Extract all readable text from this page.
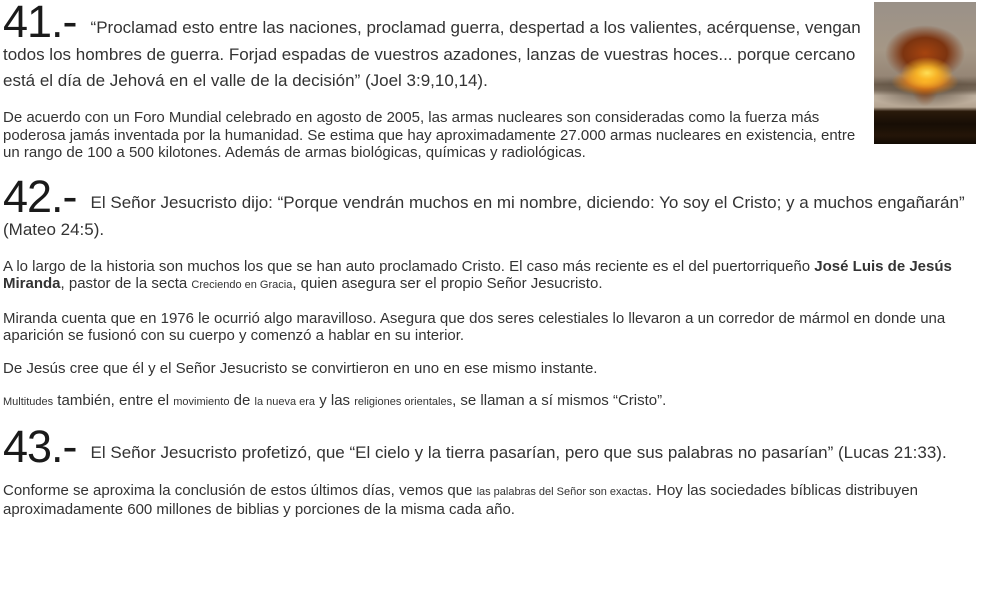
41.- “Proclamad esto entre las naciones, proclamad guerra, despertad a los valientes, acérquense, vengan todos los hombres de guerra. Forjad espadas de vuestros azadones, lanzas de vuestras hoces... porque cercano está el día de Jehová en el valle de la decisión” (Joel 3:9,10,14).

De acuerdo con un Foro Mundial celebrado en agosto de 2005, las armas nucleares son consideradas como la fuerza más poderosa jamás inventada por la humanidad. Se estima que hay aproximadamente 27.000 armas nucleares en existencia, entre un rango de 100 a 500 kilotones. Además de armas biológicas, químicas y radiológicas.

42.- El Señor Jesucristo dijo: “Porque vendrán muchos en mi nombre, diciendo: Yo soy el Cristo; y a muchos engañarán” (Mateo 24:5).

A lo largo de la historia son muchos los que se han auto proclamado Cristo. El caso más reciente es el del puertorriqueño José Luis de Jesús Miranda, pastor de la secta Creciendo en Gracia, quien asegura ser el propio Señor Jesucristo.

Miranda cuenta que en 1976 le ocurrió algo maravilloso. Asegura que dos seres celestiales lo llevaron a un corredor de mármol en donde una aparición se fusionó con su cuerpo y comenzó a hablar en su interior.

De Jesús cree que él y el Señor Jesucristo se convirtieron en uno en ese mismo instante.

Multitudes también, entre el movimiento de la nueva era y las religiones orientales, se llaman a sí mismos “Cristo”.

43.- El Señor Jesucristo profetizó, que “El cielo y la tierra pasarían, pero que sus palabras no pasarían” (Lucas 21:33).

Conforme se aproxima la conclusión de estos últimos días, vemos que las palabras del Señor son exactas. Hoy las sociedades bíblicas distribuyen aproximadamente 600 millones de biblias y porciones de la misma cada año.
